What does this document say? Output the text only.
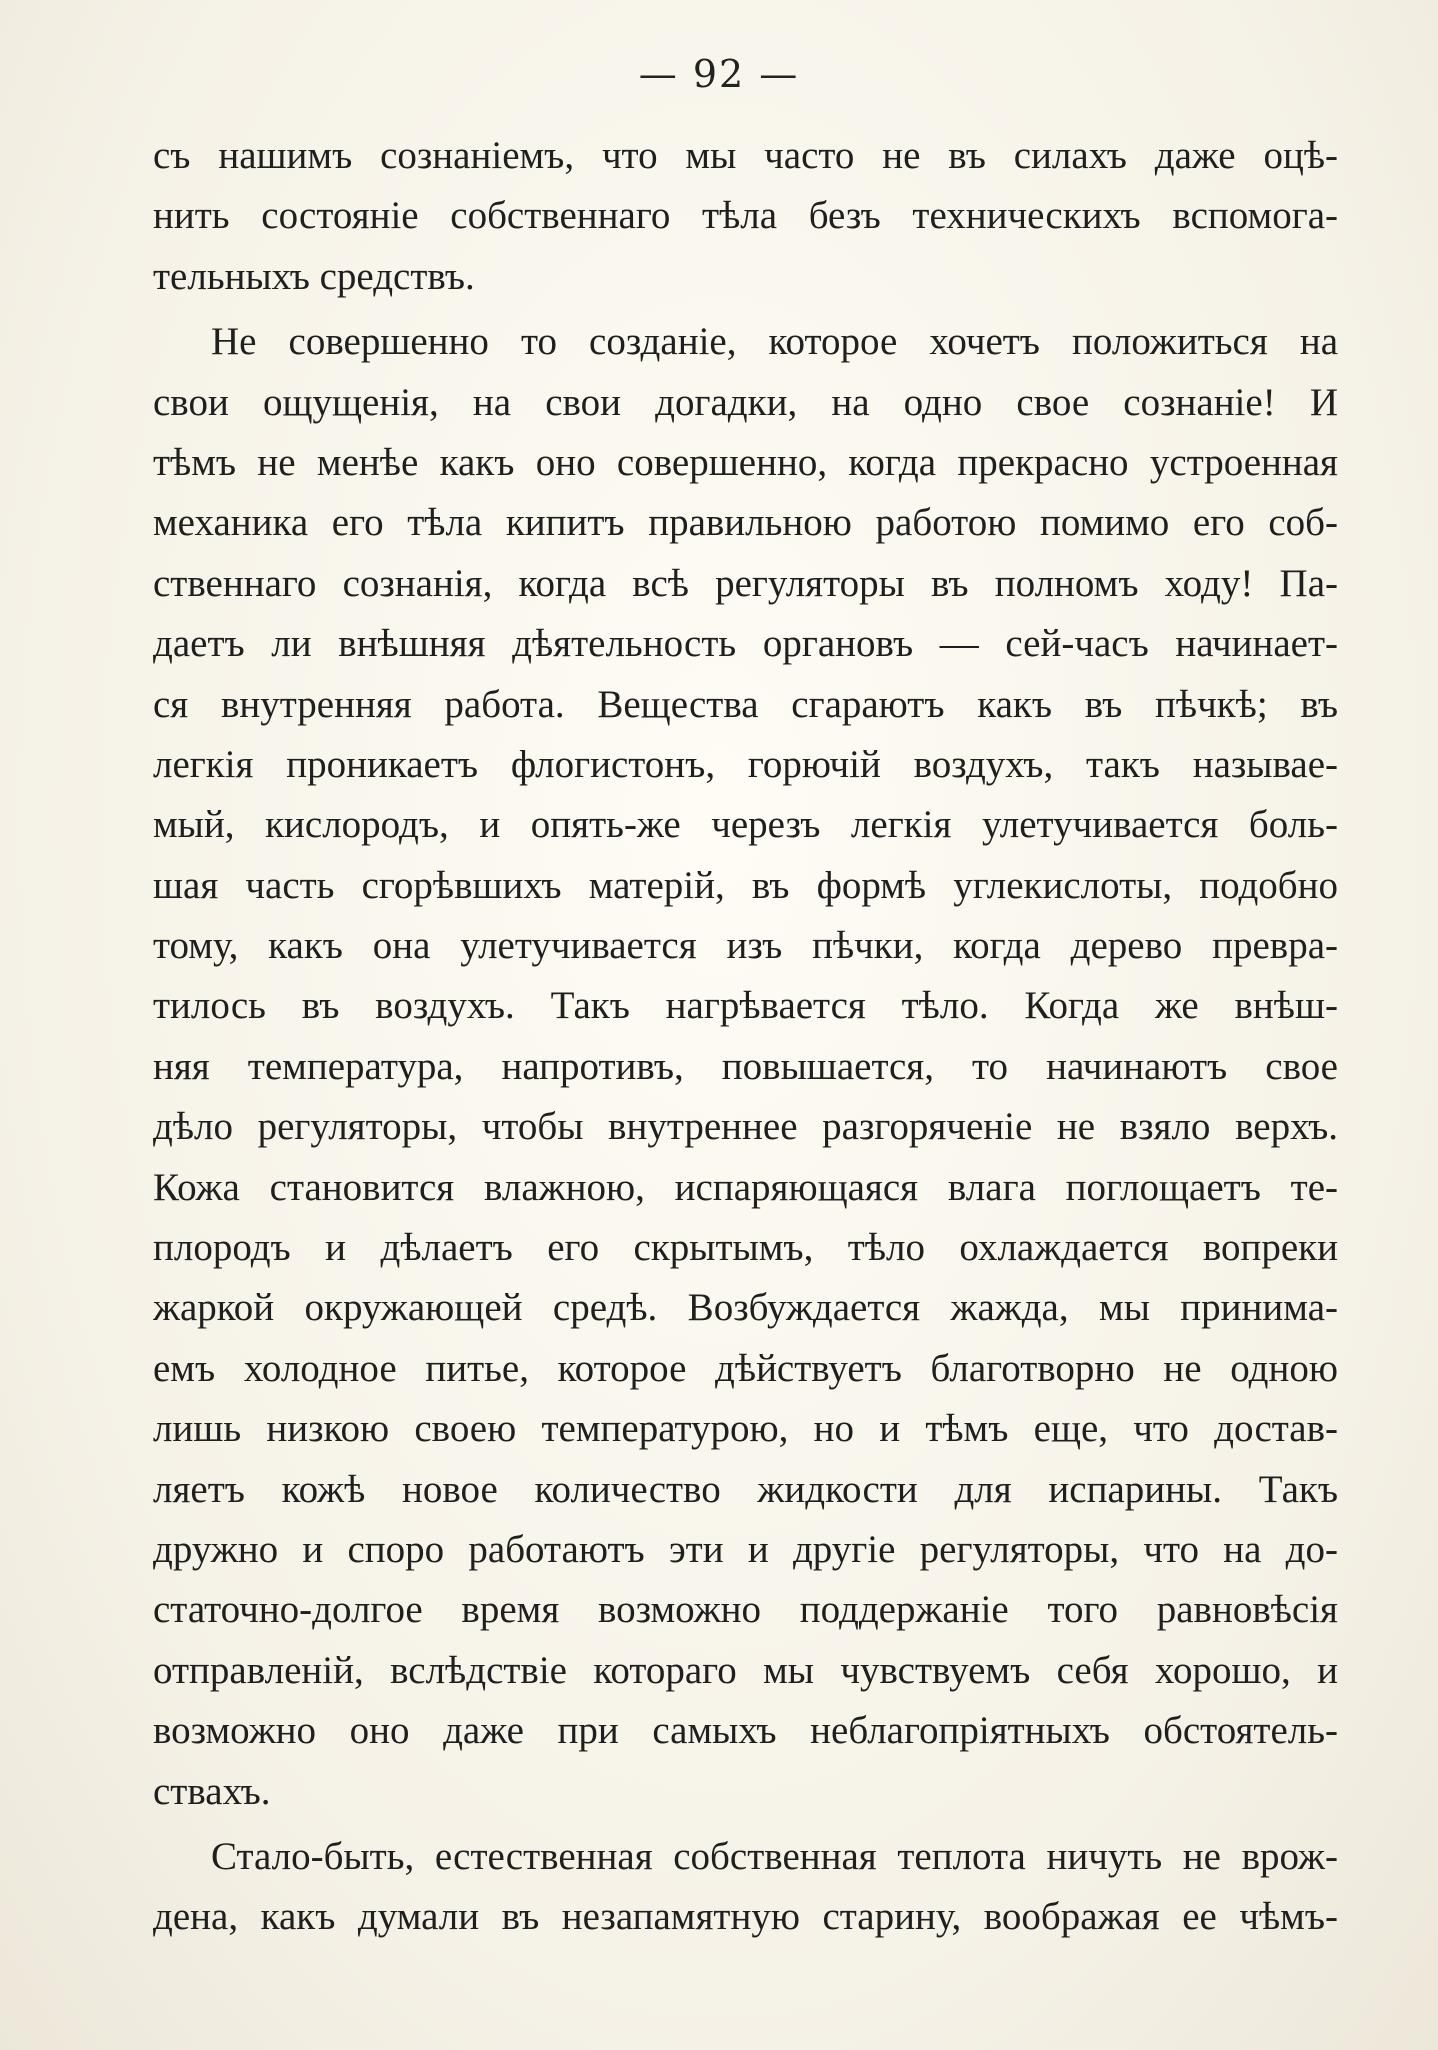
— 92 —
съ нашимъ сознаніемъ, что мы часто не въ силахъ даже оцѣ-
нить состояніе собственнаго тѣла безъ техническихъ вспомога-
тельныхъ средствъ.
Не совершенно то созданіе, которое хочетъ положиться на
свои ощущенія, на свои догадки, на одно свое сознаніе! И
тѣмъ не менѣе какъ оно совершенно, когда прекрасно устроенная
механика его тѣла кипитъ правильною работою помимо его соб-
ственнаго сознанія, когда всѣ регуляторы въ полномъ ходу! Па-
даетъ ли внѣшняя дѣятельность органовъ — сей-часъ начинает-
ся внутренняя работа. Вещества сгараютъ какъ въ пѣчкѣ; въ
легкія проникаетъ флогистонъ, горючій воздухъ, такъ называе-
мый, кислородъ, и опять-же черезъ легкія улетучивается боль-
шая часть сгорѣвшихъ матерій, въ формѣ углекислоты, подобно
тому, какъ она улетучивается изъ пѣчки, когда дерево превра-
тилось въ воздухъ. Такъ нагрѣвается тѣло. Когда же внѣш-
няя температура, напротивъ, повышается, то начинаютъ свое
дѣло регуляторы, чтобы внутреннее разгоряченіе не взяло верхъ.
Кожа становится влажною, испаряющаяся влага поглощаетъ те-
плородъ и дѣлаетъ его скрытымъ, тѣло охлаждается вопреки
жаркой окружающей средѣ. Возбуждается жажда, мы принима-
емъ холодное питье, которое дѣйствуетъ благотворно не одною
лишь низкою своею температурою, но и тѣмъ еще, что достав-
ляетъ кожѣ новое количество жидкости для испарины. Такъ
дружно и споро работаютъ эти и другіе регуляторы, что на до-
статочно-долгое время возможно поддержаніе того равновѣсія
отправленій, вслѣдствіе котораго мы чувствуемъ себя хорошо, и
возможно оно даже при самыхъ неблагопріятныхъ обстоятель-
ствахъ.
Стало-быть, естественная собственная теплота ничуть не врож-
дена, какъ думали въ незапамятную старину, воображая ее чѣмъ-
